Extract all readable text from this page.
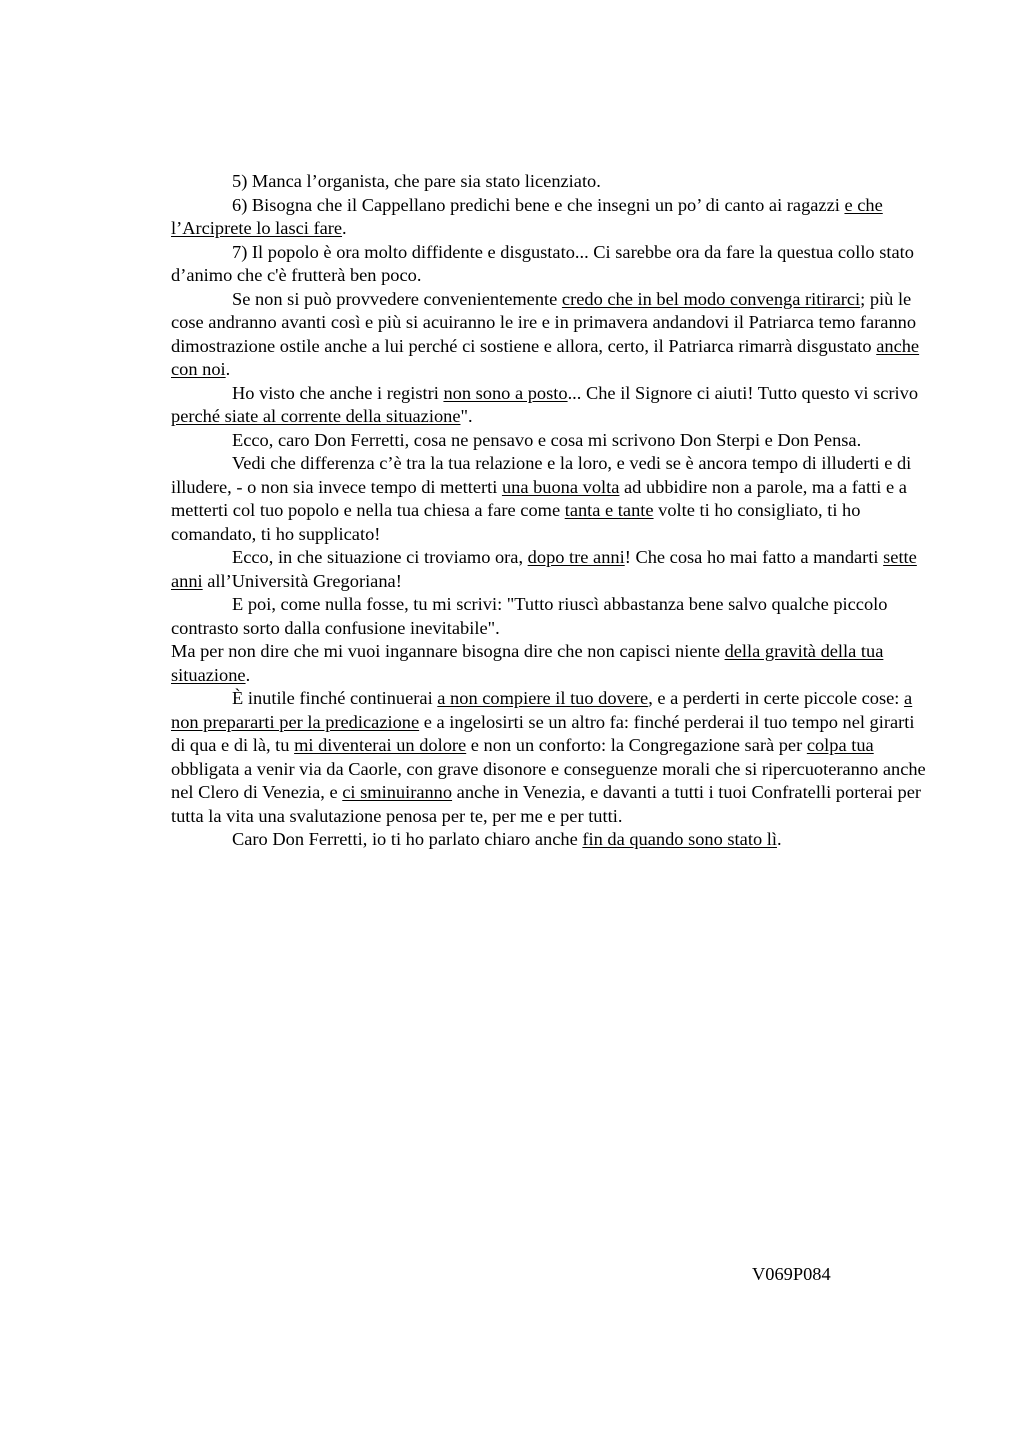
5) Manca l’organista, che pare sia stato licenziato.

6) Bisogna che il Cappellano predichi bene e che insegni un po’ di canto ai ragazzi e che l’Arciprete lo lasci fare.

7) Il popolo è ora molto diffidente e disgustato... Ci sarebbe ora da fare la questua collo stato d’animo che c'è frutterà ben poco.

Se non si può provvedere convenientemente credo che in bel modo convenga ritirarci; più le cose andranno avanti così e più si acuiranno le ire e in primavera andandovi il Patriarca temo faranno dimostrazione ostile anche a lui perché ci sostiene e allora, certo, il Patriarca rimarrà disgustato anche con noi.

Ho visto che anche i registri non sono a posto... Che il Signore ci aiuti! Tutto questo vi scrivo perché siate al corrente della situazione".

Ecco, caro Don Ferretti, cosa ne pensavo e cosa mi scrivono Don Sterpi e Don Pensa.

Vedi che differenza c’è tra la tua relazione e la loro, e vedi se è ancora tempo di illuderti e di illudere, - o non sia invece tempo di metterti una buona volta ad ubbidire non a parole, ma a fatti e a metterti col tuo popolo e nella tua chiesa a fare come tanta e tante volte ti ho consigliato, ti ho comandato, ti ho supplicato!

Ecco, in che situazione ci troviamo ora, dopo tre anni! Che cosa ho mai fatto a mandarti sette anni all’Università Gregoriana!

E poi, come nulla fosse, tu mi scrivi: "Tutto riuscì abbastanza bene salvo qualche piccolo contrasto sorto dalla confusione inevitabile".

Ma per non dire che mi vuoi ingannare bisogna dire che non capisci niente della gravità della tua situazione.

È inutile finché continuerai a non compiere il tuo dovere, e a perderti in certe piccole cose: a non prepararti per la predicazione e a ingelosirti se un altro fa: finché perderai il tuo tempo nel girarti di qua e di là, tu mi diventerai un dolore e non un conforto: la Congregazione sarà per colpa tua obbligata a venir via da Caorle, con grave disonore e conseguenze morali che si ripercuoteranno anche nel Clero di Venezia, e ci sminuiranno anche in Venezia, e davanti a tutti i tuoi Confratelli porterai per tutta la vita una svalutazione penosa per te, per me e per tutti.

Caro Don Ferretti, io ti ho parlato chiaro anche fin da quando sono stato lì.

V069P084
